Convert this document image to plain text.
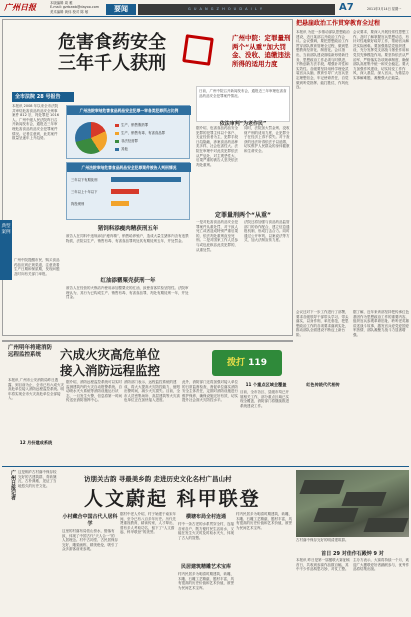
广州日报	本版编辑 周 雅
E-mail: gzrbzwb@dayoo.com
美术编辑 黄伟 校对 陈 敏	要闻	G U A N G Z H O U D A I L Y	A7	2011年3月14日 星期一
危害食药安全
三年千人获刑
广州中院：定罪量刑两个“从重”加大罚金、没收、追缴违法所得的适用力度
全市法院 28 号报告
本报讯 2008 年以来全市法院共审结危害食品药品安全刑事案件 812 宗，判处罪犯 1016 人。广州中级人民法院昨日召开新闻发布会，通报近三年审理危害食品药品安全犯罪案件情况。记者注意到，此类案件数量呈逐年上升趋势。
广州法院审结危害食品药品安全犯罪一审各类犯罪所占比例
生产、销售假药罪
生产、销售有毒、有害食品罪
非法经营罪
其他
广州法院审结危害食品药品安全犯罪案件被告人判刑情况
三年以下有期徒刑
三年以上十年以下
拘役缓刑
典型案例
广州中院提醒市民，购买食品药品应到正规渠道，注意查看生产日期和保质期，发现问题及时向有关部门举报。
猪饲料添瘦肉精获刑五年
被告人在饲料中违规添加“瘦肉精”，销售给养殖户，造成大量生猪体内含有违禁物质，法院以生产、销售有毒、有害食品罪判处其有期徒刑五年，并处罚金。
红油添罂粟壳获刑一年
被告人在经营的火锅店内使用添加罂粟壳的红油，致使食客尿检呈阳性。法院审理认为，其行为已构成生产、销售有毒、有害食品罪，判处有期徒刑一年，并处罚金。
日前，广州中院召开新闻发布会，通报近三年审理危害食品药品安全犯罪案件情况。
据介绍，危害食品药品安全犯罪的犯罪主体以个体户、无证经营者为主，犯罪手段日趋隐蔽，涉案食品药品种类多样，社会危害性大。法院在审理中对此类犯罪依法从严惩处，对主观恶性大、后果严重的被告人坚决依法判处重刑。
同时，法院加大罚金刑、没收财产刑的适用力度，让犯罪分子在经济上得不偿失。对于查获的违法所得依法予以追缴，切实维护人民群众的身体健康和生命安全。
依法审判“为老作民”
定罪量刑两个“从重”
一是对危害食品药品安全犯罪案件从重处罚，对于致人死亡或者造成特别严重后果的，依法判处重刑直至死刑。二是对国家工作人员参与或包庇纵容此类犯罪的，从重处罚。
法院还将加强与食品药品监管部门的协作配合，建立信息通报机制，形成打击合力。同时通过公开审判、以案说法等方式，加大法制宣传力度。
把悬崖政治工作贯穿教育全过程
本报讯 为进一步推动部队思想政治建设，近日某部召开政治工作会议。会议强调，要把思想政治工作贯穿部队教育管理全过程，做到思想教育经常化、制度化。会议指出，当前部队建设面临新形势新任务，思想政治工作必须与时俱进，不断创新方法手段，增强针对性和实效性。各级要坚持用科学理论武装官兵头脑，教育引导广大官兵坚定理想信念，牢记使命责任，自觉做到听党指挥、能打胜仗、作风优良。
会议要求，要深入开展经常性思想工作，及时了解掌握官兵思想动态，有针对性地做好疏导工作，帮助官兵解决实际困难。要加强基层党组织建设，充分发挥党支部战斗堡垒作用和党员先锋模范作用。要坚持依法从严治军，严格落实各项规章制度，确保部队高度集中统一和安全稳定。要大力加强作风建设，切实转变工作作风，深入基层、深入官兵，为基层办实事解难题，凝聚强大正能量。
会议还对下一步工作进行了部署，要求各级领导干部带头学习、带头落实，以身作则，率先垂范，把思想政治工作的各项要求落到实处，推动部队全面建设不断迈上新台阶。
红色传统代代相传
据了解，近年来该部坚持把传承红色基因作为思想政治工作的重要内容，组织官兵参观革命旧址、聆听老英雄讲述战斗故事，激发官兵爱党爱国爱军热情，部队凝聚力战斗力显著增强。
广州明年将建消防远程监控系统	六成火灾高危单位
接入消防远程监控	拨打 119
本报讯 广州市公安消防局昨日透露，到目前为止，全市已有六成火灾高危单位接入消防远程监控系统。明年将实现全市火灾高危单位全部接入。
12 月份建成系统
据介绍，消防远程监控系统可以实时监测建筑内的火灾自动报警系统、自动喷水灭火系统等消防设施运行状态，一旦发生火警，信息将第一时间传送至消防指挥中心。
消防部门表示，远程监控系统的建成，将大大提高火灾防控能力，缩短出警时间，减少火灾损失。目前，全市人员密集场所、高层建筑等火灾高危单位正在加快接入进度。
此外，消防部门还将加强对接入单位的日常监督检查，督促单位落实消防安全主体责任，定期对消防设施进行维护保养，确保设施完好有效，切实提升社会面火灾防控水平。
11 个重点区域全覆盖
目前，全市各区、县级市均已开展相关工作，部分重点区域已实现全覆盖，消防部门将继续推进系统建设工作。
广州日报记者 这是桐庐古村落中保存较完好的古建筑群，青砖黛瓦，古朴典雅，见证了当地悠久的历史文化。
访朋关古韵 寻最美乡韵 走进历史文化名村广昌山村
人文蔚起 科甲联登
小村藏合中国古代人居科学
这里的村落布局依山傍水，错落有致，体现了中国古代“天人合一”的人居理念。村中古祠堂、古民居保存完好，雕梁画栋，精美绝伦，吸引了众多游客前来参观。
据村中老人介绍，村子始建于南宋年间，至今已有八百多年历史。历代先贤重视教育，耕读传家，人才辈出，曾有多人考取功名，留下了“人文蔚起、科甲联登”的美誉。
横塘布局全村连通
村中一条古老的水系贯穿全村，连接各家各户，既方便村民生活用水，又能在发生火灾时及时取水灭火，体现了古人的智慧。
民居建筑精雕艺术宝库
村内民居多为明清时期建筑，砖雕、木雕、石雕工艺精湛，题材丰富，具有很高的历史价值和艺术价值，被誉为民间艺术宝库。
村内民居多为明清时期建筑，砖雕、木雕、石雕工艺精湛，题材丰富，具有很高的历史价值和艺术价值，被誉为民间艺术宝库。
古村落中保存完好的明清建筑群。
首日 29 对佳作石殿钟 9 对
本报讯 昨日是第一届楹联大赛征稿首日，共收到参赛作品数百幅，其中不少作品构思巧妙、对仗工整。
主办方表示，大赛将持续一个月，欢迎广大楹联爱好者踊跃参与，优秀作品将结集出版。
